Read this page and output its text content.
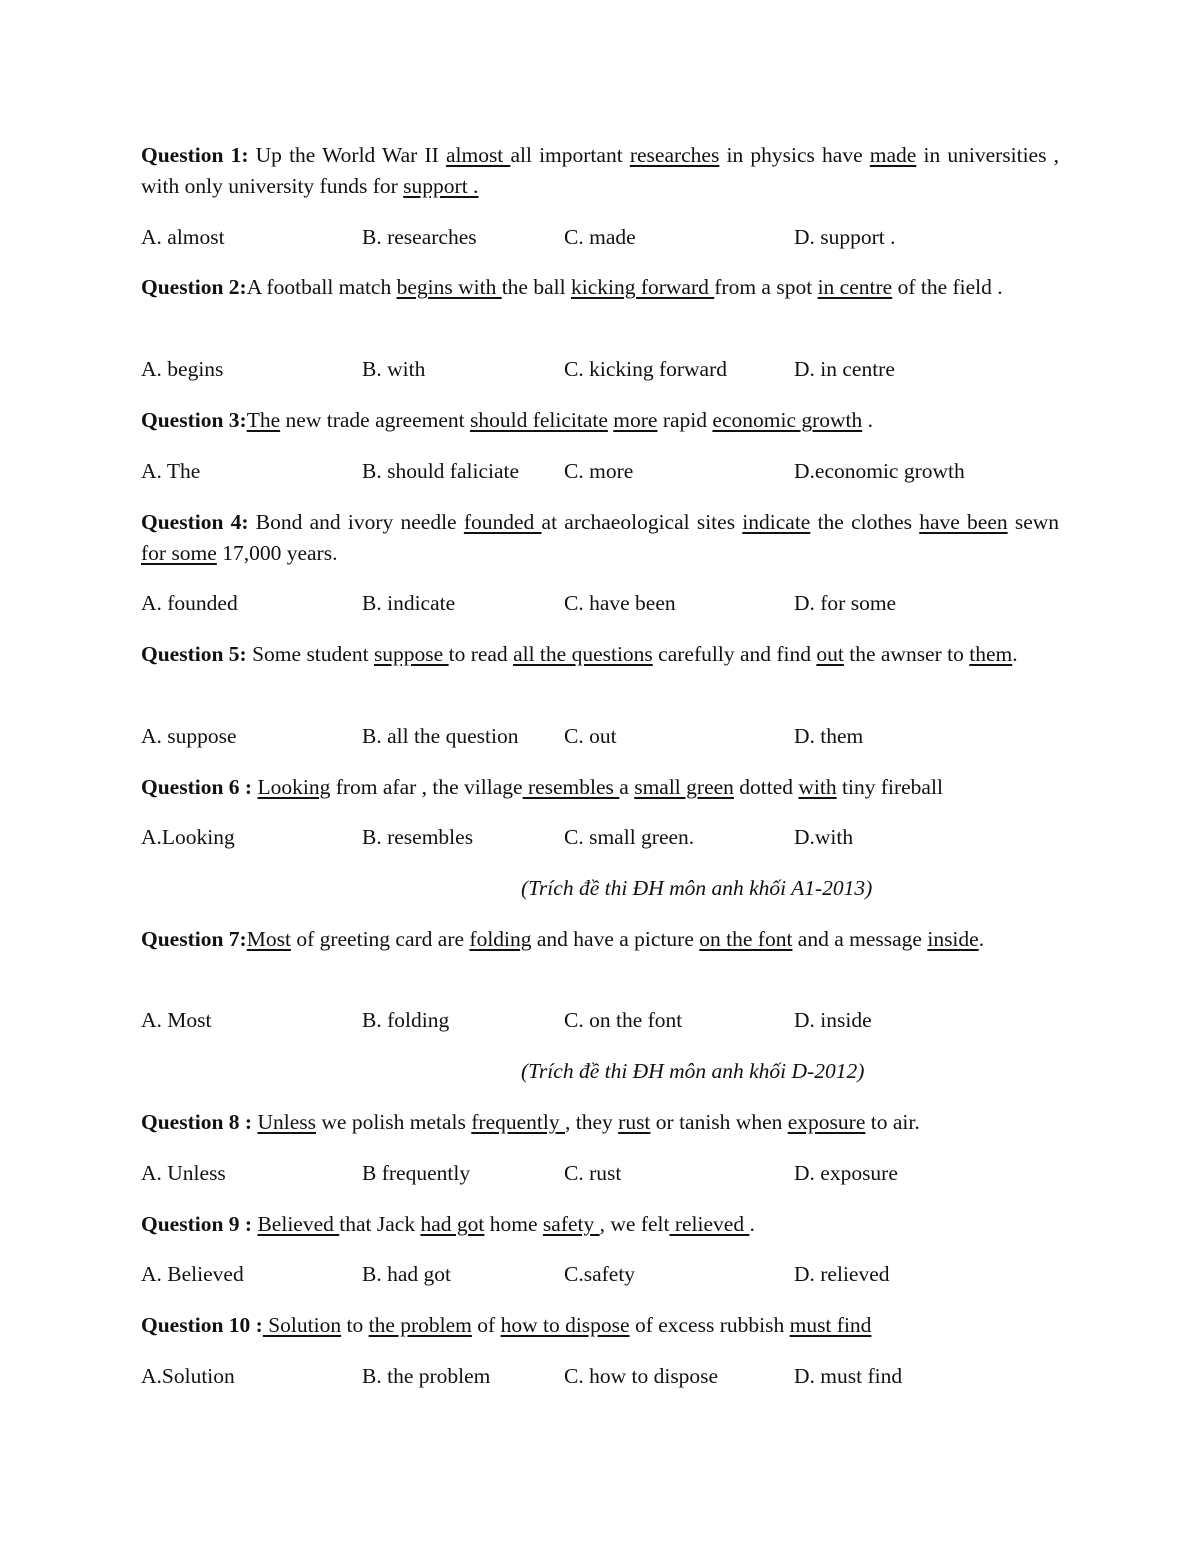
Question 1: Up the World War II almost all important researches in physics have made in universities , with only university funds for support .
A. almost	B. researches	C. made	D. support .
Question 2:A football match begins with the ball kicking forward from a spot in centre of the field .
A. begins	B. with	C. kicking forward	D. in centre
Question 3:The new trade agreement should felicitate more rapid economic growth .
A. The	B. should faliciate C. more	D.economic growth
Question 4: Bond and ivory needle founded at archaeological sites indicate the clothes have been sewn for some 17,000 years.
A. founded	B. indicate	C. have been	D. for some
Question 5: Some student suppose to read all the questions carefully and find out the awnser to them.
A. suppose	B. all the question C. out	D. them
Question 6 : Looking from afar , the village resembles a small green dotted with tiny fireball
A.Looking	B. resembles	C. small green.	D.with
(Trích đề thi ĐH môn anh khối A1-2013)
Question 7:Most of greeting card are folding and have a picture on the font and a message inside.
A. Most	B. folding	C. on the font	D. inside
(Trích đề thi ĐH môn anh khối D-2012)
Question 8 : Unless we polish metals frequently , they rust or tanish when exposure to air.
A. Unless	B frequently	C. rust	D. exposure
Question 9 : Believed that Jack had got home safety , we felt relieved .
A. Believed	B. had got	C.safety	D. relieved
Question 10 : Solution to the problem of how to dispose of excess rubbish must find
A.Solution	B. the problem	C. how to dispose	D. must find
